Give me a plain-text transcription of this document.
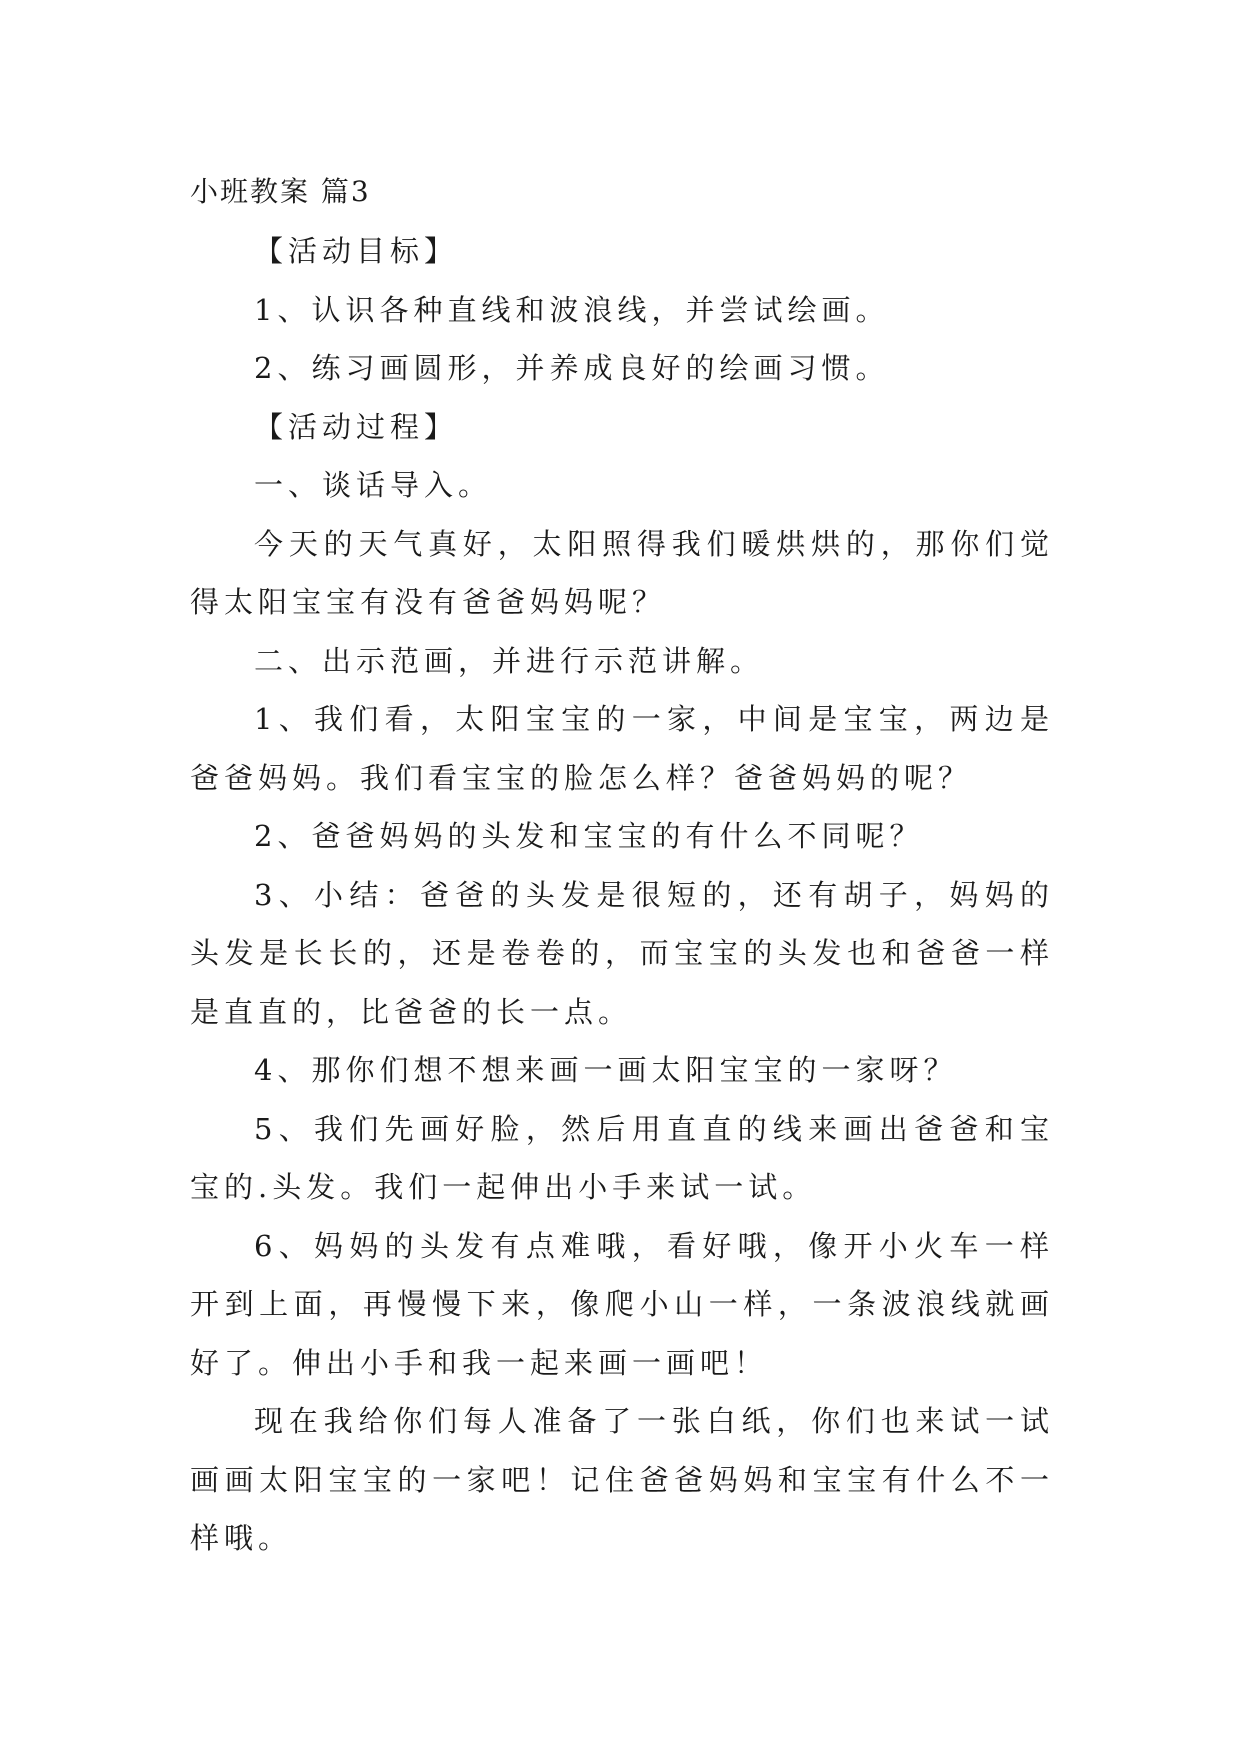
小班教案 篇3

【活动目标】

1、认识各种直线和波浪线，并尝试绘画。

2、练习画圆形，并养成良好的绘画习惯。

【活动过程】

一、谈话导入。

今天的天气真好，太阳照得我们暖烘烘的，那你们觉得太阳宝宝有没有爸爸妈妈呢？

二、出示范画，并进行示范讲解。

1、我们看，太阳宝宝的一家，中间是宝宝，两边是爸爸妈妈。我们看宝宝的脸怎么样？爸爸妈妈的呢？

2、爸爸妈妈的头发和宝宝的有什么不同呢？

3、小结：爸爸的头发是很短的，还有胡子，妈妈的头发是长长的，还是卷卷的，而宝宝的头发也和爸爸一样是直直的，比爸爸的长一点。

4、那你们想不想来画一画太阳宝宝的一家呀？

5、我们先画好脸，然后用直直的线来画出爸爸和宝宝的.头发。我们一起伸出小手来试一试。

6、妈妈的头发有点难哦，看好哦，像开小火车一样开到上面，再慢慢下来，像爬小山一样，一条波浪线就画好了。伸出小手和我一起来画一画吧！

现在我给你们每人准备了一张白纸，你们也来试一试画画太阳宝宝的一家吧！记住爸爸妈妈和宝宝有什么不一样哦。
